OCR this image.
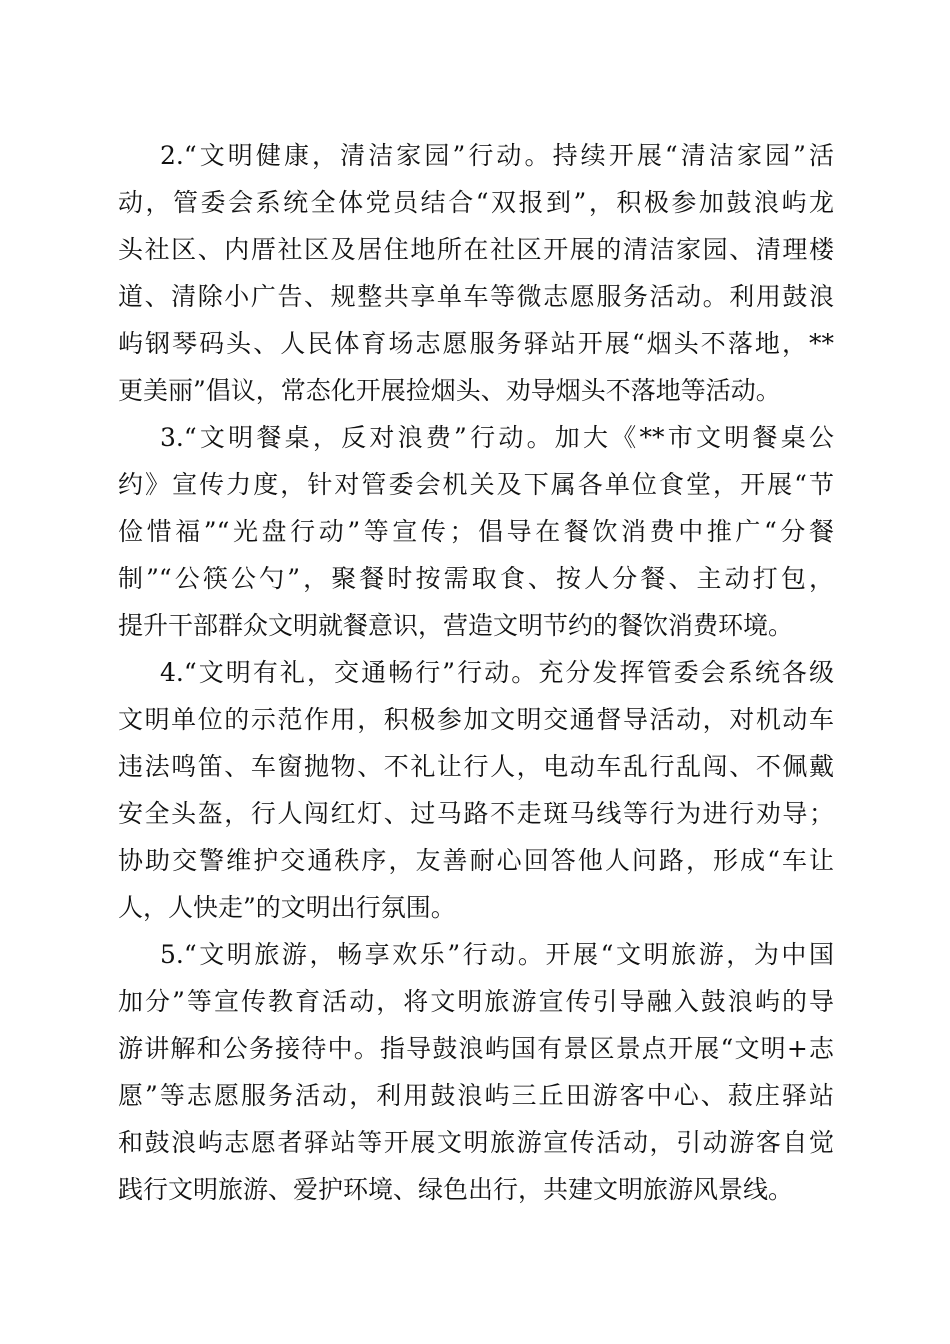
2.“文明健康，清洁家园”行动。持续开展“清洁家园”活
动，管委会系统全体党员结合“双报到”，积极参加鼓浪屿龙
头社区、内厝社区及居住地所在社区开展的清洁家园、清理楼
道、清除小广告、规整共享单车等微志愿服务活动。利用鼓浪
屿钢琴码头、人民体育场志愿服务驿站开展“烟头不落地，**
更美丽”倡议，常态化开展捡烟头、劝导烟头不落地等活动。
3.“文明餐桌，反对浪费”行动。加大《**市文明餐桌公
约》宣传力度，针对管委会机关及下属各单位食堂，开展“节
俭惜福”“光盘行动”等宣传；倡导在餐饮消费中推广“分餐
制”“公筷公勺”，聚餐时按需取食、按人分餐、主动打包，
提升干部群众文明就餐意识，营造文明节约的餐饮消费环境。
4.“文明有礼，交通畅行”行动。充分发挥管委会系统各级
文明单位的示范作用，积极参加文明交通督导活动，对机动车
违法鸣笛、车窗抛物、不礼让行人，电动车乱行乱闯、不佩戴
安全头盔，行人闯红灯、过马路不走斑马线等行为进行劝导；
协助交警维护交通秩序，友善耐心回答他人问路，形成“车让
人，人快走”的文明出行氛围。
5.“文明旅游，畅享欢乐”行动。开展“文明旅游，为中国
加分”等宣传教育活动，将文明旅游宣传引导融入鼓浪屿的导
游讲解和公务接待中。指导鼓浪屿国有景区景点开展“文明+志
愿”等志愿服务活动，利用鼓浪屿三丘田游客中心、菽庄驿站
和鼓浪屿志愿者驿站等开展文明旅游宣传活动，引动游客自觉
践行文明旅游、爱护环境、绿色出行，共建文明旅游风景线。
